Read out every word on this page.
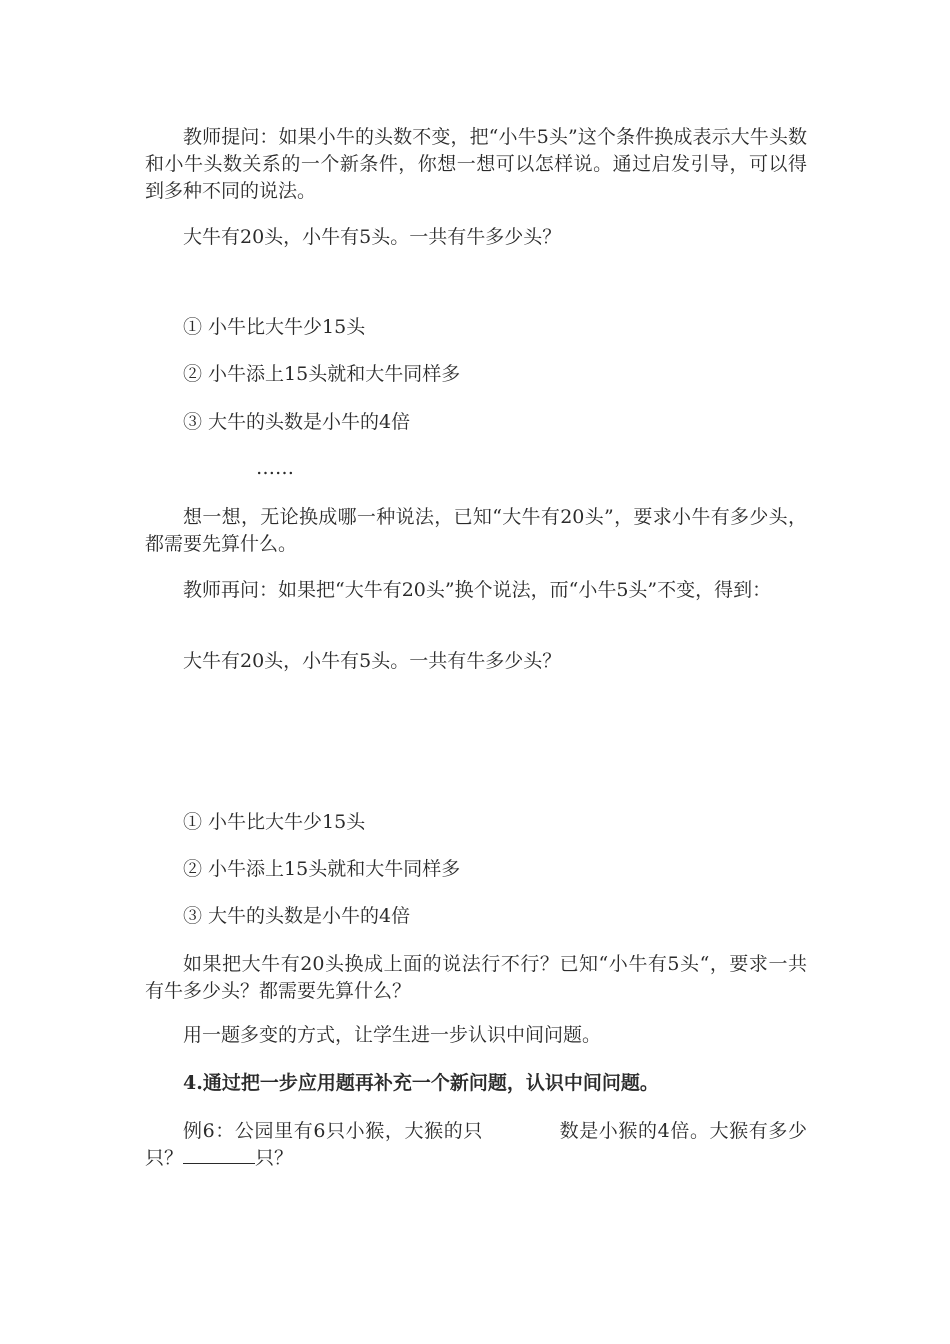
教师提问：如果小牛的头数不变，把“小牛5头”这个条件换成表示大牛头数和小牛头数关系的一个新条件，你想一想可以怎样说。通过启发引导，可以得到多种不同的说法。

大牛有20头，小牛有5头。一共有牛多少头？

① 小牛比大牛少15头

② 小牛添上15头就和大牛同样多

③ 大牛的头数是小牛的4倍

……

想一想，无论换成哪一种说法，已知“大牛有20头”，要求小牛有多少头，都需要先算什么。

教师再问：如果把“大牛有20头”换个说法，而“小牛5头”不变，得到：

大牛有20头，小牛有5头。一共有牛多少头？

① 小牛比大牛少15头

② 小牛添上15头就和大牛同样多

③ 大牛的头数是小牛的4倍

如果把大牛有20头换成上面的说法行不行？已知“小牛有5头“，要求一共有牛多少头？都需要先算什么？

用一题多变的方式，让学生进一步认识中间问题。

4.通过把一步应用题再补充一个新问题，认识中间问题。

例6：公园里有6只小猴，大猴的只	数是小猴的4倍。大猴有多少只？	只？
